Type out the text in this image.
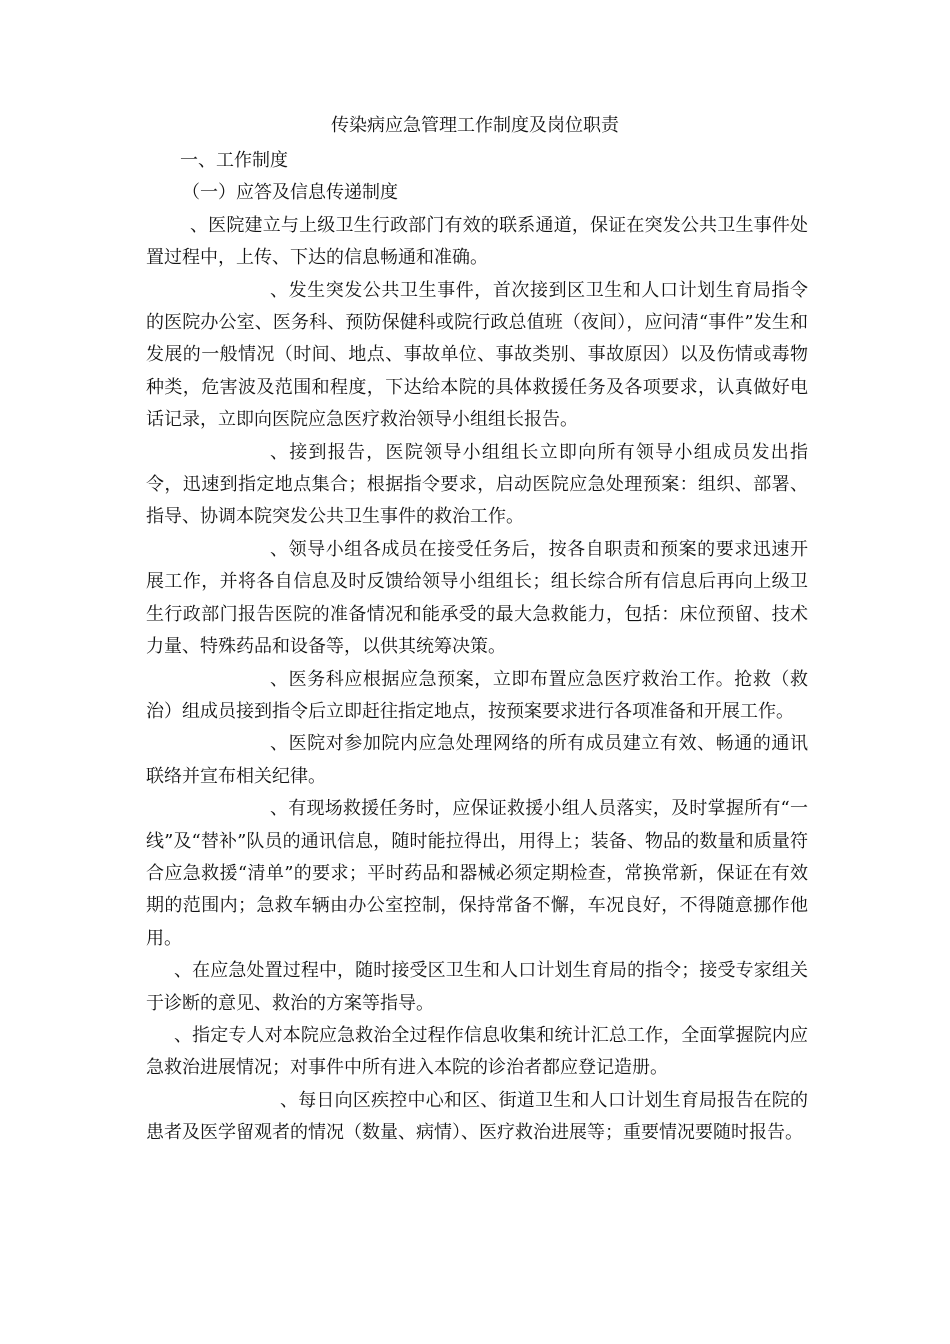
传染病应急管理工作制度及岗位职责

一、工作制度

（一）应答及信息传递制度

、医院建立与上级卫生行政部门有效的联系通道，保证在突发公共卫生事件处置过程中，上传、下达的信息畅通和准确。

、发生突发公共卫生事件，首次接到区卫生和人口计划生育局指令的医院办公室、医务科、预防保健科或院行政总值班（夜间），应问清“事件”发生和发展的一般情况（时间、地点、事故单位、事故类别、事故原因）以及伤情或毒物种类，危害波及范围和程度，下达给本院的具体救援任务及各项要求，认真做好电话记录，立即向医院应急医疗救治领导小组组长报告。

、接到报告，医院领导小组组长立即向所有领导小组成员发出指令，迅速到指定地点集合；根据指令要求，启动医院应急处理预案：组织、部署、指导、协调本院突发公共卫生事件的救治工作。

、领导小组各成员在接受任务后，按各自职责和预案的要求迅速开展工作，并将各自信息及时反馈给领导小组组长；组长综合所有信息后再向上级卫生行政部门报告医院的准备情况和能承受的最大急救能力，包括：床位预留、技术力量、特殊药品和设备等，以供其统筹决策。

、医务科应根据应急预案，立即布置应急医疗救治工作。抢救（救治）组成员接到指令后立即赶往指定地点，按预案要求进行各项准备和开展工作。

、医院对参加院内应急处理网络的所有成员建立有效、畅通的通讯联络并宣布相关纪律。

、有现场救援任务时，应保证救援小组人员落实，及时掌握所有“一线”及“替补”队员的通讯信息，随时能拉得出，用得上；装备、物品的数量和质量符合应急救援“清单”的要求；平时药品和器械必须定期检查，常换常新，保证在有效期的范围内；急救车辆由办公室控制，保持常备不懈，车况良好，不得随意挪作他用。

、在应急处置过程中，随时接受区卫生和人口计划生育局的指令；接受专家组关于诊断的意见、救治的方案等指导。

、指定专人对本院应急救治全过程作信息收集和统计汇总工作，全面掌握院内应急救治进展情况；对事件中所有进入本院的诊治者都应登记造册。

、每日向区疾控中心和区、街道卫生和人口计划生育局报告在院的患者及医学留观者的情况（数量、病情）、医疗救治进展等；重要情况要随时报告。
